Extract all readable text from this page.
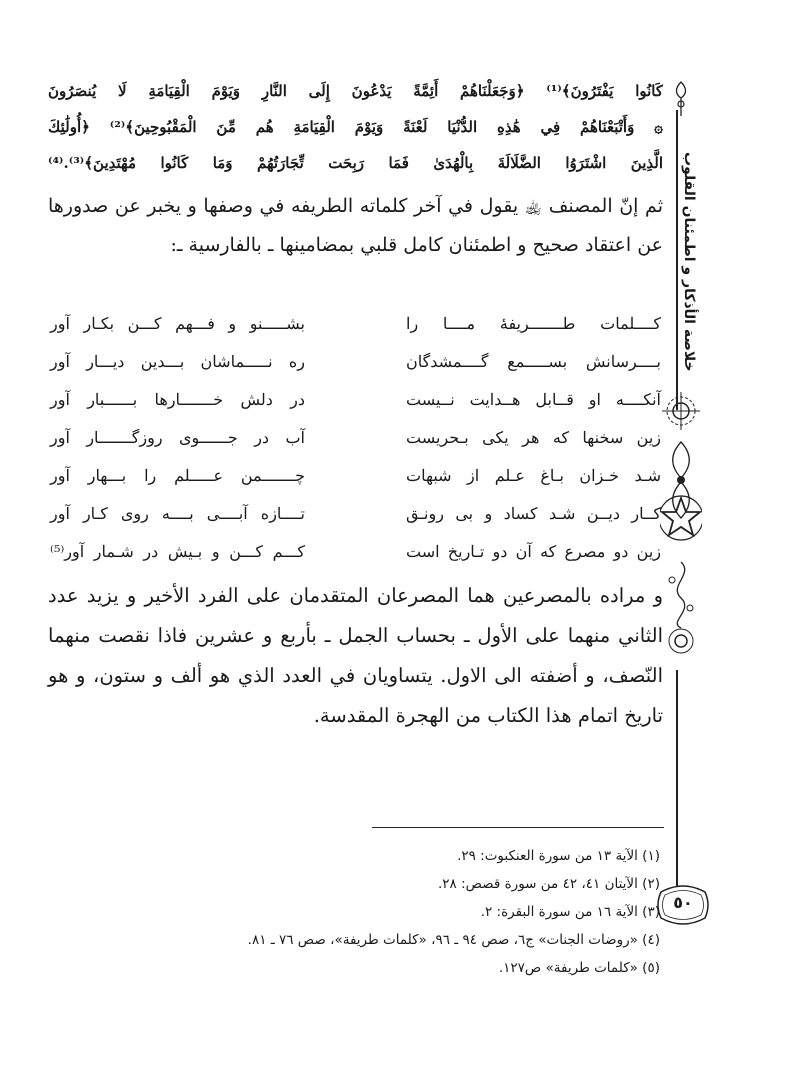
خلاصة الأذكار و اطمئنان القلوب
٥٠
كَانُوا يَفْتَرُونَ﴾⁽¹⁾ ﴿وَجَعَلْنَاهُمْ أَئِمَّةً يَدْعُونَ إِلَى النَّارِ وَيَوْمَ الْقِيَامَةِ لَا يُنصَرُونَ
۞ وَأَتْبَعْنَاهُمْ فِي هَٰذِهِ الدُّنْيَا لَعْنَةً وَيَوْمَ الْقِيَامَةِ هُم مِّنَ الْمَقْبُوحِينَ﴾⁽²⁾ ﴿أُولَٰئِكَ
الَّذِينَ اشْتَرَوُا الضَّلَالَةَ بِالْهُدَىٰ فَمَا رَبِحَت تِّجَارَتُهُمْ وَمَا كَانُوا مُهْتَدِينَ﴾⁽³⁾.⁽⁴⁾
ثم إنّ المصنف ﵀ يقول في آخر كلماته الطريفه في وصفها و يخبر عن صدورها عن اعتقاد صحيح و اطمئنان كامل قلبي بمضامينها ـ بالفارسية ـ:
كــــلمات طـــــــريفهٔ مــــا را
بشـــــنو و فـــهم كـــن بكـار آور
بــــرسانش بســـــمع گــــمشدگان
ره نـــــماشان بـــدين ديـــار آور
آنكــــه او قــابل هــدايت نــيست
در دلش خـــــــارها بــــــبار آور
زين سخنها كه هر يكى بـحريست
آب در جــــــوى روزگـــــــار آور
شـد خـزان بـاغ عـلم از شبهات
چـــــــمن عـــــلم را بـــهار آور
كــار ديــن شـد كساد و بى رونـق
تــــازه آبــــى بــــه روى كـار آور
زين دو مصرع كه آن دو تـاريخ است
كـــم كـــن و بـيش در شـمار آور⁽⁵⁾
و مراده بالمصرعين هما المصرعان المتقدمان على الفرد الأخير و يزيد عدد الثاني منهما على الأول ـ بحساب الجمل ـ بأربع و عشرين فاذا نقصت منهما النّصف، و أضفته الى الاول. يتساويان في العدد الذي هو ألف و ستون، و هو تاريخ اتمام هذا الكتاب من الهجرة المقدسة.
(١) الآية ١٣ من سورة العنكبوت: ٢٩.
(٢) الآيتان ٤١، ٤٢ من سورة قصص: ٢٨.
(٣) الآية ١٦ من سورة البقرة: ٢.
(٤) «روضات الجنات» ج٦، صص ٩٤ ـ ٩٦، «كلمات طريفة»، صص ٧٦ ـ ٨١.
(٥) «كلمات طريفة» ص١٢٧.
